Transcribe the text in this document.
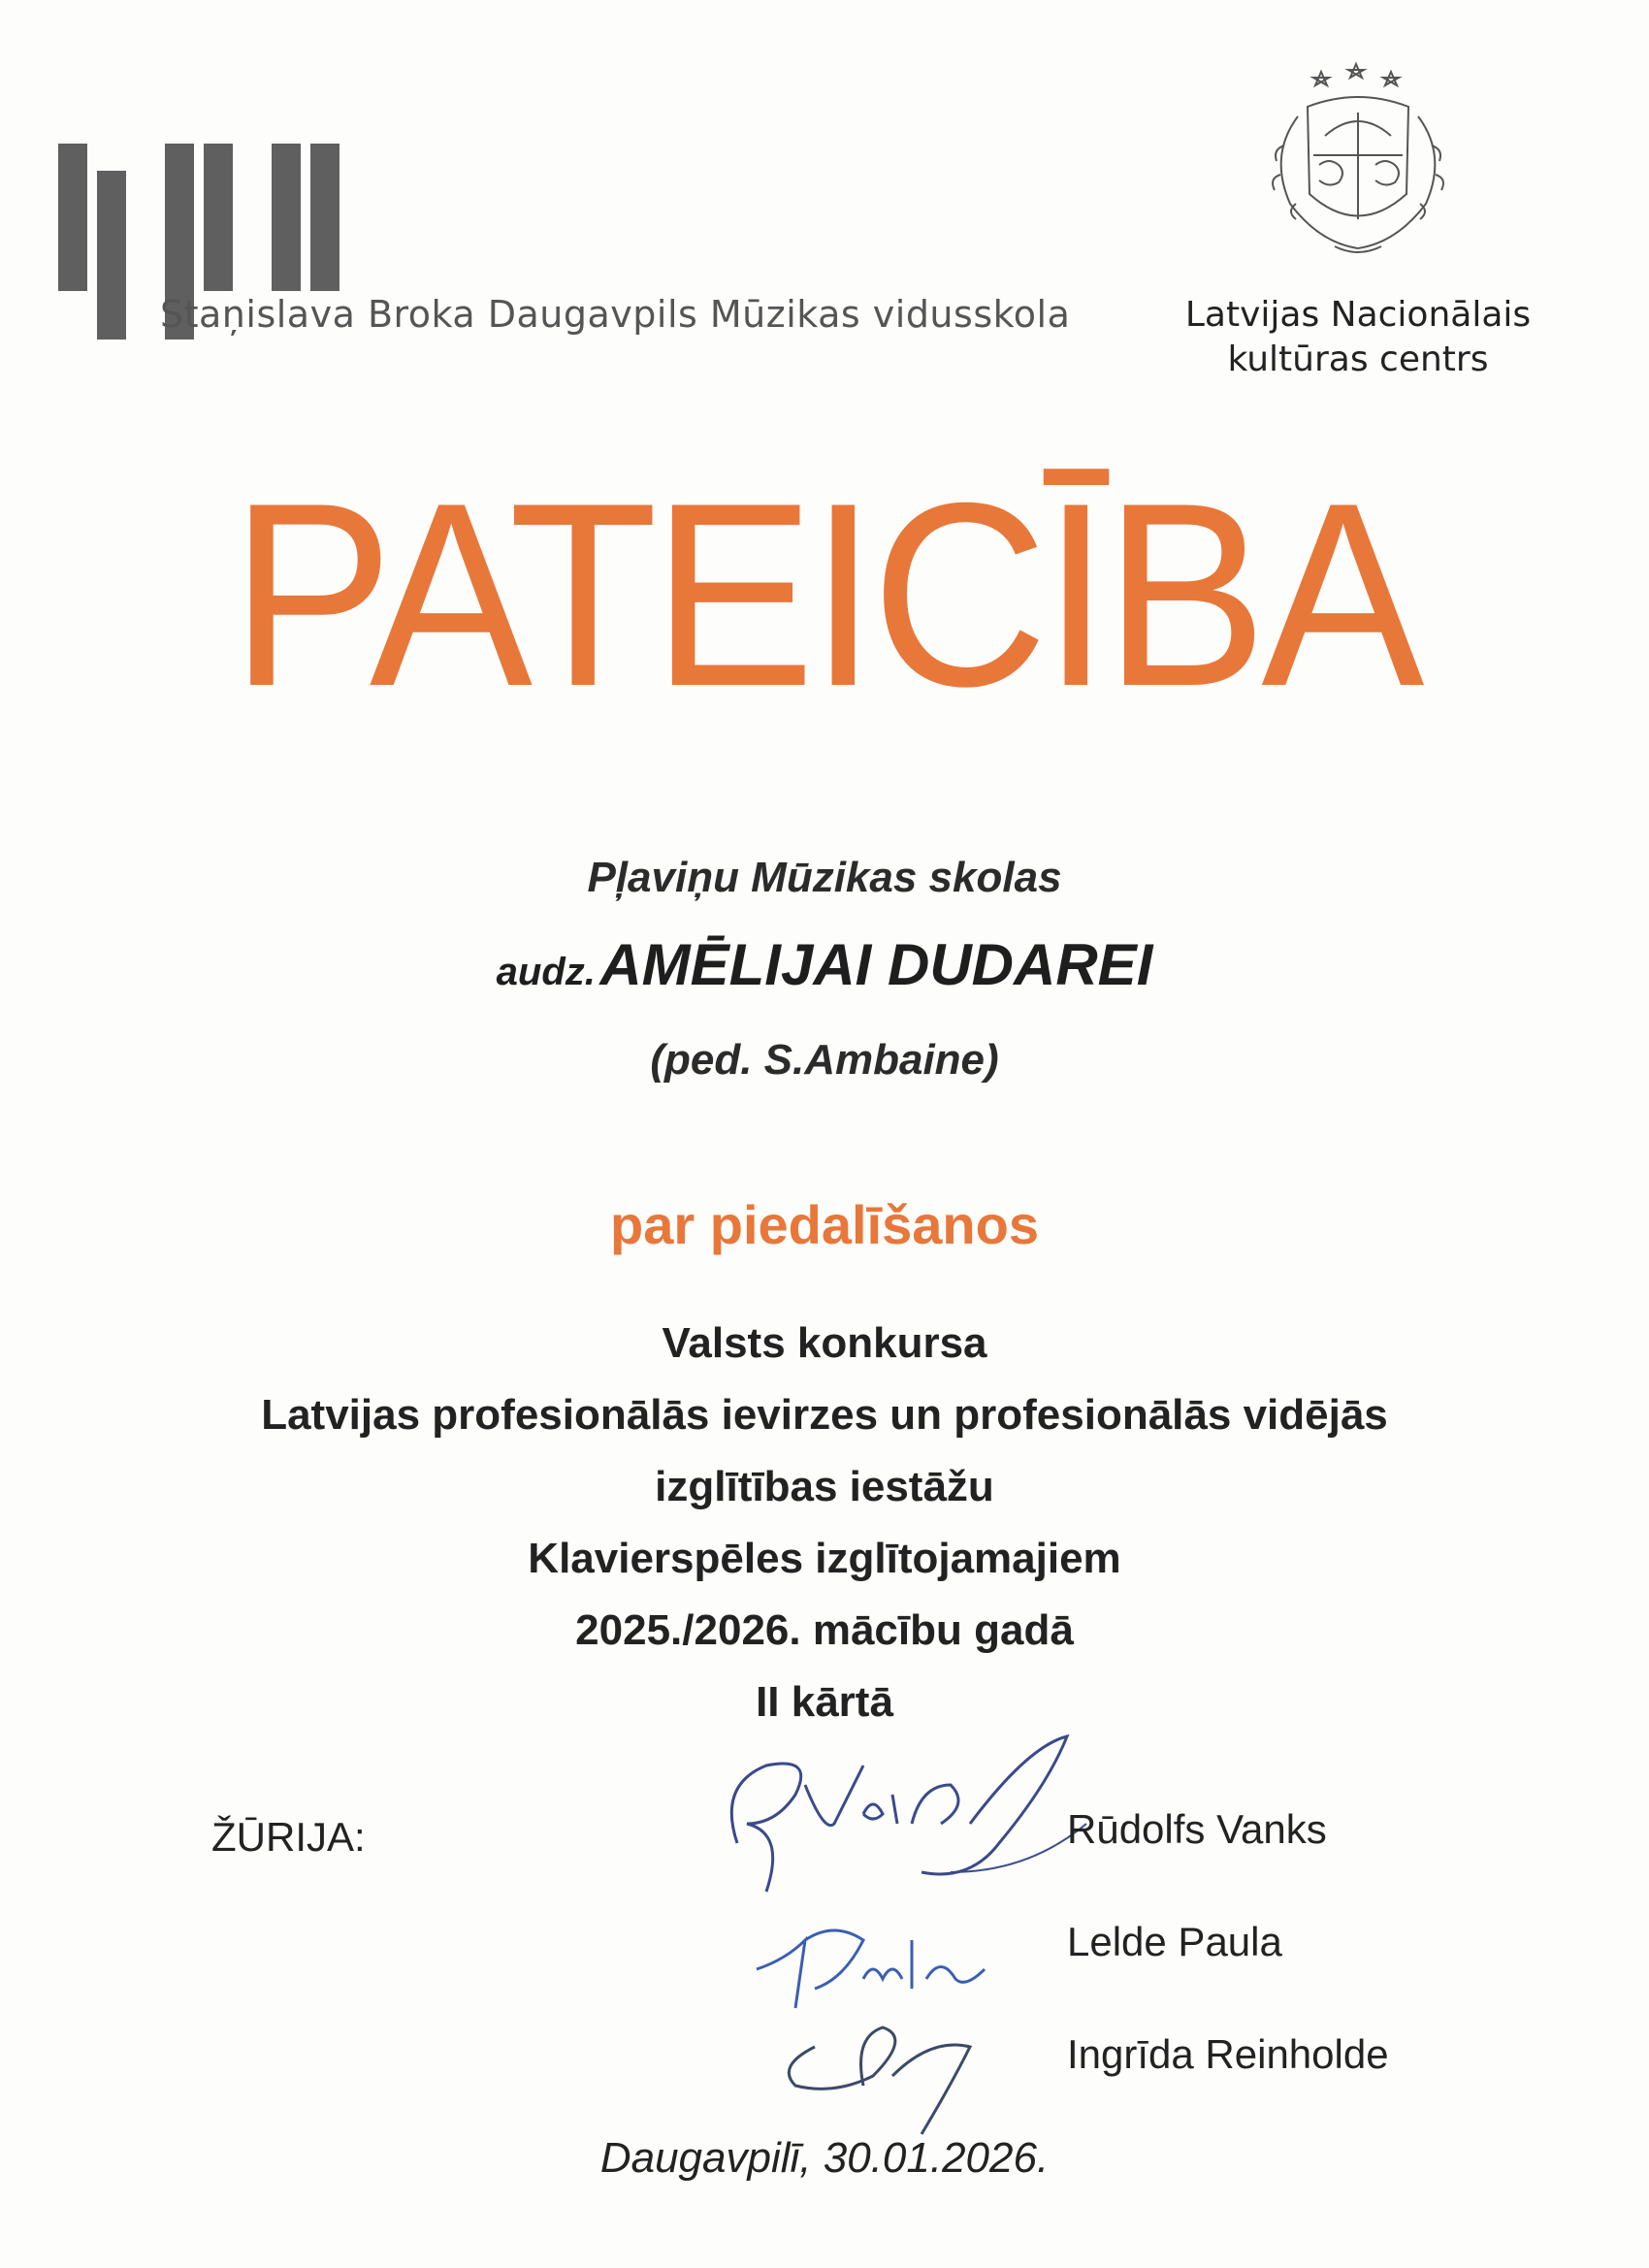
Staņislava Broka Daugavpils Mūzikas vidusskola	Latvijas Nacionālais
kultūras centrs
PATEICĪBA
Pļaviņu Mūzikas skolas
audz. AMĒLIJAI DUDAREI
(ped. S.Ambaine)
par piedalīšanos
Valsts konkursa
Latvijas profesionālās ievirzes un profesionālās vidējās
izglītības iestāžu
Klavierspēles izglītojamajiem
2025./2026. mācību gadā
II kārtā
ŽŪRIJA:	Rūdolfs Vanks
Lelde Paula
Ingrīda Reinholde
Daugavpilī, 30.01.2026.
